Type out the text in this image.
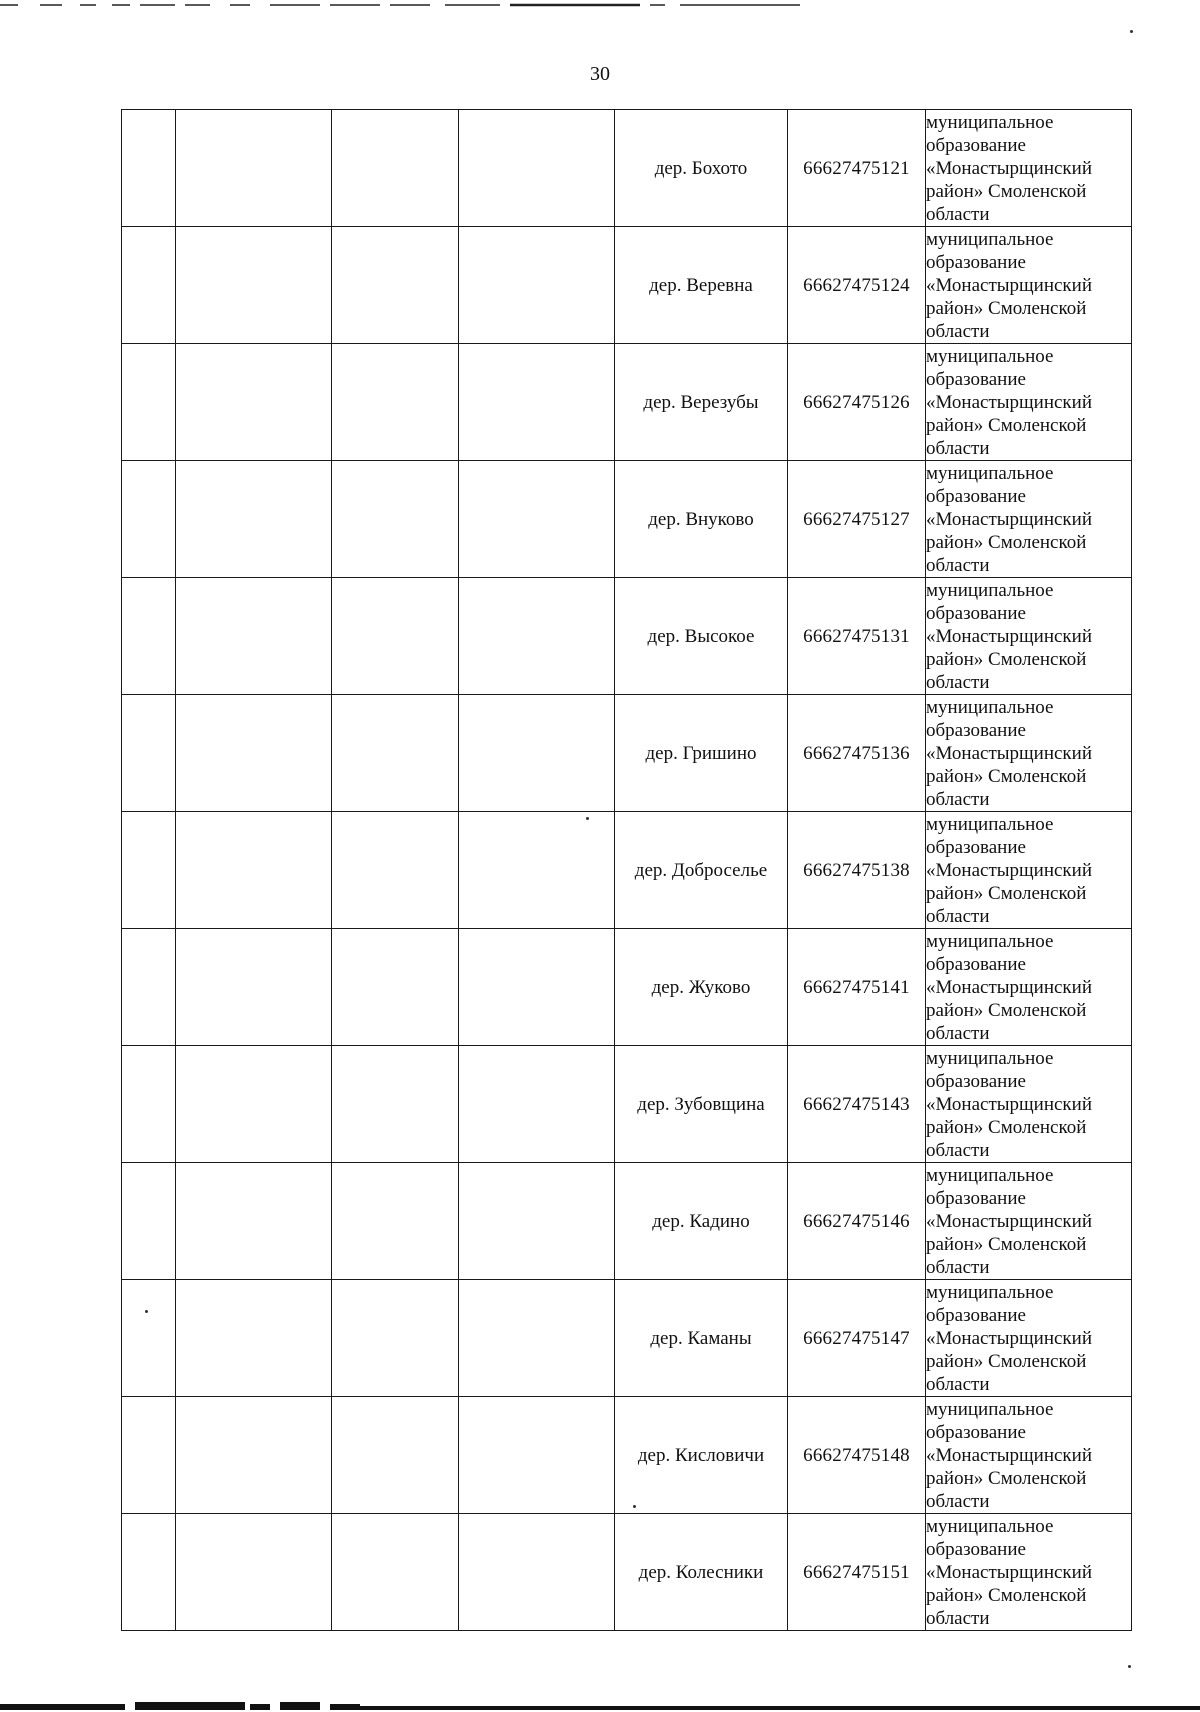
30
				дер. Бохото	66627475121	муниципальное
образование
«Монастырщинский
район» Смоленской
области

				дер. Веревна	66627475124	муниципальное
образование
«Монастырщинский
район» Смоленской
области

				дер. Верезубы	66627475126	муниципальное
образование
«Монастырщинский
район» Смоленской
области

				дер. Внуково	66627475127	муниципальное
образование
«Монастырщинский
район» Смоленской
области

				дер. Высокое	66627475131	муниципальное
образование
«Монастырщинский
район» Смоленской
области

				дер. Гришино	66627475136	муниципальное
образование
«Монастырщинский
район» Смоленской
области

				дер. Доброселье	66627475138	муниципальное
образование
«Монастырщинский
район» Смоленской
области

				дер. Жуково	66627475141	муниципальное
образование
«Монастырщинский
район» Смоленской
области

				дер. Зубовщина	66627475143	муниципальное
образование
«Монастырщинский
район» Смоленской
области

				дер. Кадино	66627475146	муниципальное
образование
«Монастырщинский
район» Смоленской
области

				дер. Каманы	66627475147	муниципальное
образование
«Монастырщинский
район» Смоленской
области

				дер. Кисловичи	66627475148	муниципальное
образование
«Монастырщинский
район» Смоленской
области

				дер. Колесники	66627475151	муниципальное
образование
«Монастырщинский
район» Смоленской
области
